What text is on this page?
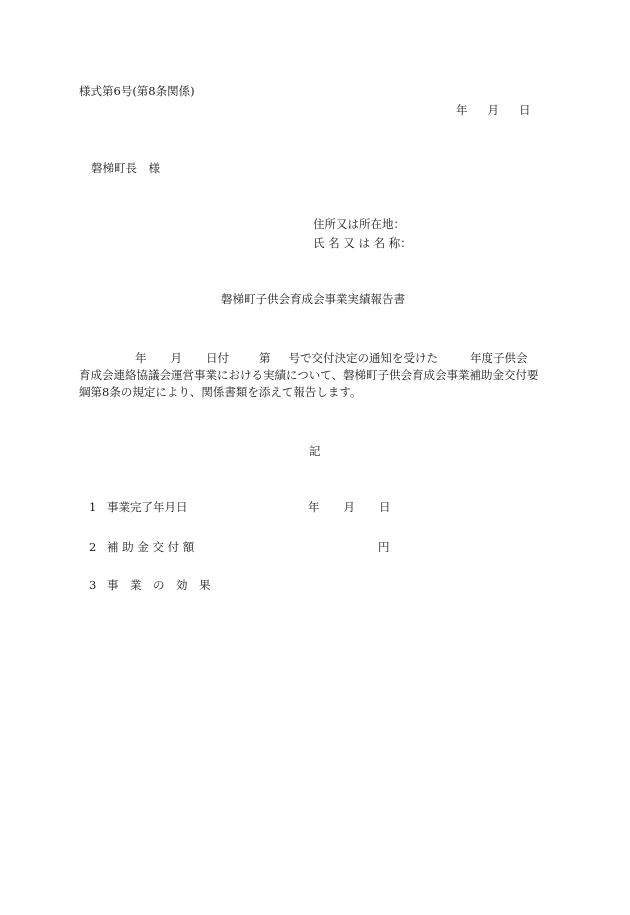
様式第6号(第8条関係)
年 月 日
磐梯町長　様
住所又は所在地：
氏 名 又 は 名 称：
磐梯町子供会育成会事業実績報告書
年 月 日付	第 号で交付決定の通知を受けた	年度子供会
育成会連絡協議会運営事業における実績について、磐梯町子供会育成会事業補助金交付要
綱第8条の規定により、関係書類を添えて報告します。
記
1 事業完了年月日	年 月 日
2 補 助 金 交 付 額	円
3 事　業　の　効　果
